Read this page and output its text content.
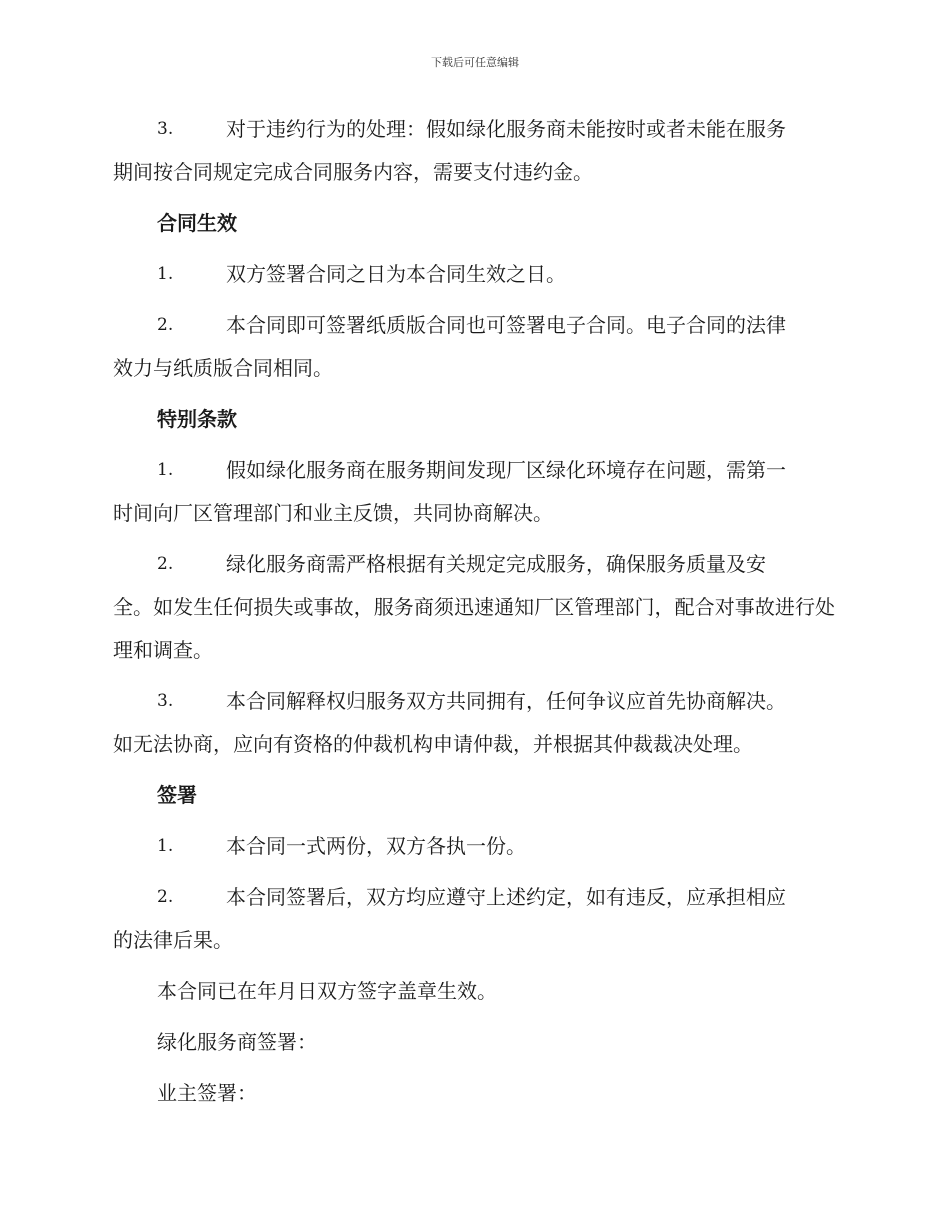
下载后可任意编辑
3.	对于违约行为的处理：假如绿化服务商未能按时或者未能在服务
期间按合同规定完成合同服务内容，需要支付违约金。
合同生效
1.	双方签署合同之日为本合同生效之日。
2.	本合同即可签署纸质版合同也可签署电子合同。电子合同的法律
效力与纸质版合同相同。
特别条款
1.	假如绿化服务商在服务期间发现厂区绿化环境存在问题，需第一
时间向厂区管理部门和业主反馈，共同协商解决。
2.	绿化服务商需严格根据有关规定完成服务，确保服务质量及安
全。如发生任何损失或事故，服务商须迅速通知厂区管理部门，配合对事故进行处理和调查。
3.	本合同解释权归服务双方共同拥有，任何争议应首先协商解决。
如无法协商，应向有资格的仲裁机构申请仲裁，并根据其仲裁裁决处理。
签署
1.	本合同一式两份，双方各执一份。
2.	本合同签署后，双方均应遵守上述约定，如有违反，应承担相应
的法律后果。
本合同已在年月日双方签字盖章生效。
绿化服务商签署：
业主签署：
